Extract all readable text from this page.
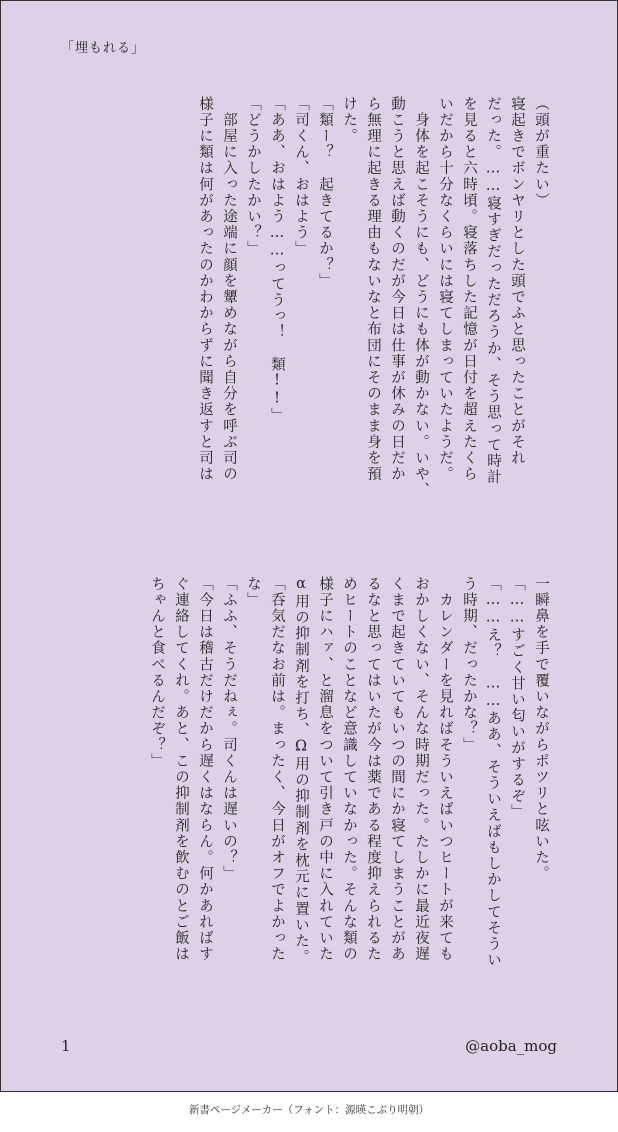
「埋もれる」

（頭が重たい）

寝起きでボンヤリとした頭でふと思ったことがそれ

だった。……寝すぎだっただろうか、そう思って時計

を見ると六時頃。寝落ちした記憶が日付を超えたくら

いだから十分なくらいには寝てしまっていたようだ。

　身体を起こそうにも、どうにも体が動かない。いや、

動こうと思えば動くのだが今日は仕事が休みの日だか

ら無理に起きる理由もないなと布団にそのまま身を預

けた。

「類ー？　起きてるか？」

「司くん、おはよう」

「ああ、おはよう……ってうっ！　類!!」

「どうかしたかい？」

　部屋に入った途端に顔を顰めながら自分を呼ぶ司の

様子に類は何があったのかわからずに聞き返すと司は

一瞬鼻を手で覆いながらポツリと呟いた。

「……すごく甘い匂いがするぞ」

「……え？　……ああ、そういえばもしかしてそうい

う時期、だったかな？」

　カレンダーを見ればそういえばいつヒートが来ても

おかしくない、そんな時期だった。たしかに最近夜遅

くまで起きていてもいつの間にか寝てしまうことがあ

るなと思ってはいたが今は薬である程度抑えられるた

めヒートのことなど意識していなかった。そんな類の

様子にハァ、と溜息をついて引き戸の中に入れていた

α用の抑制剤を打ち、Ω用の抑制剤を枕元に置いた。

「呑気だなお前は。まったく、今日がオフでよかった

な」

「ふふ、そうだねぇ。司くんは遅いの？」

「今日は稽古だけだから遅くはならん。何かあればす

ぐ連絡してくれ。あと、この抑制剤を飲むのとご飯は

ちゃんと食べるんだぞ？」

1	@aoba_mog
新書ページメーカー（フォント：源暎こぶり明朝）
